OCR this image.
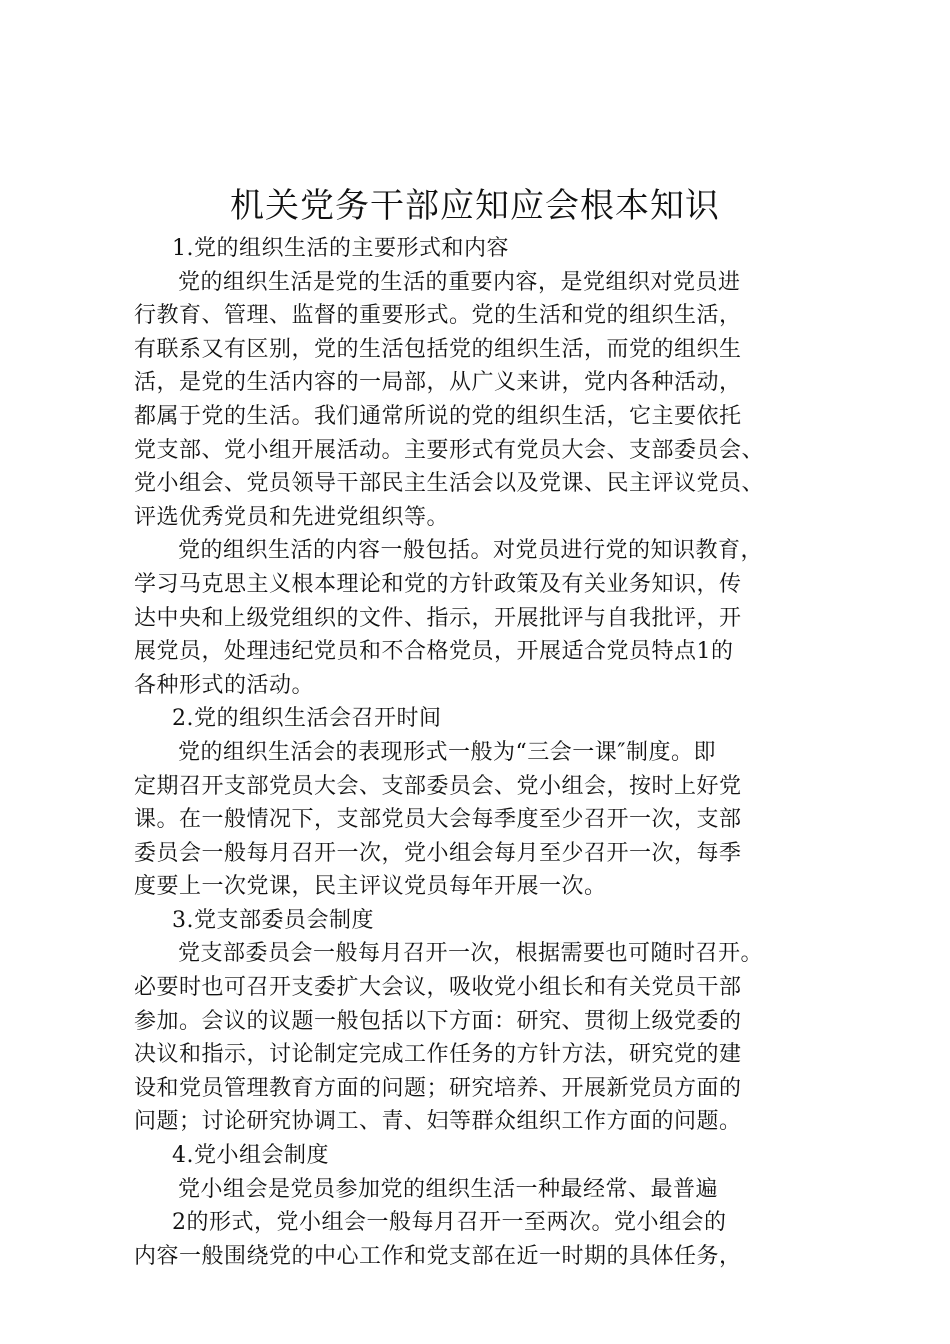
机关党务干部应知应会根本知识
1.党的组织生活的主要形式和内容
党的组织生活是党的生活的重要内容，是党组织对党员进
行教育、管理、监督的重要形式。党的生活和党的组织生活，
有联系又有区别，党的生活包括党的组织生活，而党的组织生
活，是党的生活内容的一局部，从广义来讲，党内各种活动，
都属于党的生活。我们通常所说的党的组织生活，它主要依托
党支部、党小组开展活动。主要形式有党员大会、支部委员会、
党小组会、党员领导干部民主生活会以及党课、民主评议党员、
评选优秀党员和先进党组织等。
党的组织生活的内容一般包括。对党员进行党的知识教育，
学习马克思主义根本理论和党的方针政策及有关业务知识，传
达中央和上级党组织的文件、指示，开展批评与自我批评，开
展党员，处理违纪党员和不合格党员，开展适合党员特点1的
各种形式的活动。
2.党的组织生活会召开时间
党的组织生活会的表现形式一般为“三会一课″制度。即
定期召开支部党员大会、支部委员会、党小组会，按时上好党
课。在一般情况下，支部党员大会每季度至少召开一次，支部
委员会一般每月召开一次，党小组会每月至少召开一次，每季
度要上一次党课，民主评议党员每年开展一次。
3.党支部委员会制度
党支部委员会一般每月召开一次，根据需要也可随时召开。
必要时也可召开支委扩大会议，吸收党小组长和有关党员干部
参加。会议的议题一般包括以下方面：研究、贯彻上级党委的
决议和指示，讨论制定完成工作任务的方针方法，研究党的建
设和党员管理教育方面的问题；研究培养、开展新党员方面的
问题；讨论研究协调工、青、妇等群众组织工作方面的问题。
4.党小组会制度
党小组会是党员参加党的组织生活一种最经常、最普遍
2的形式，党小组会一般每月召开一至两次。党小组会的
内容一般围绕党的中心工作和党支部在近一时期的具体任务，
